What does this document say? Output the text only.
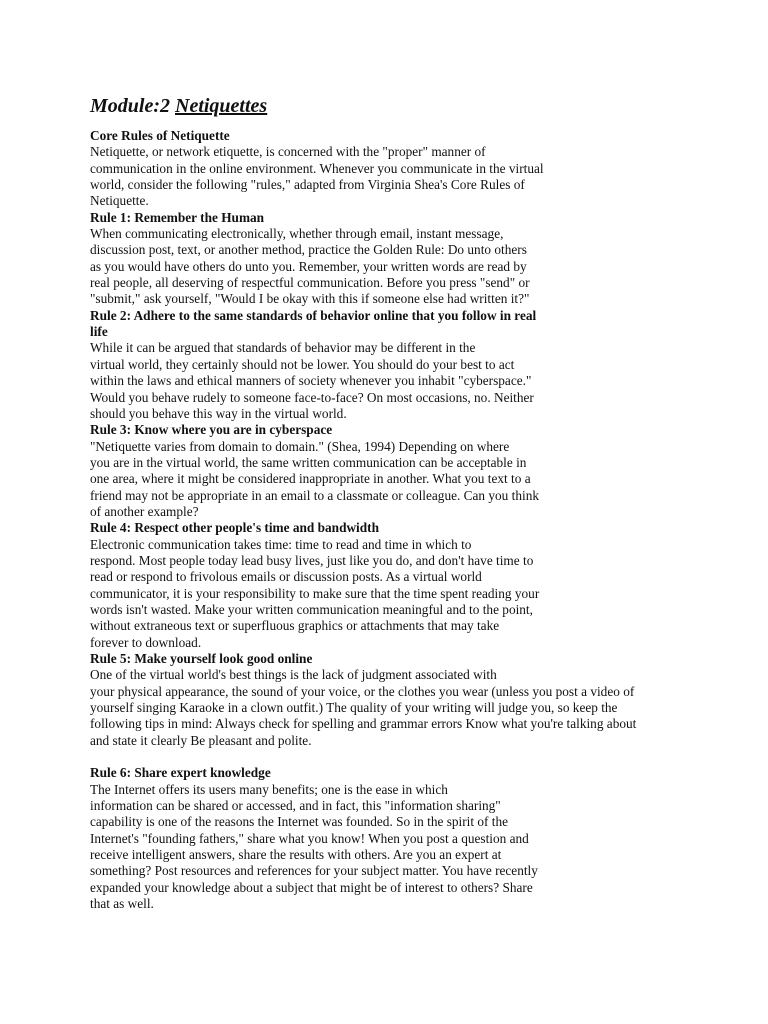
Module:2 Netiquettes
Core Rules of Netiquette
Netiquette, or network etiquette, is concerned with the "proper" manner of
communication in the online environment. Whenever you communicate in the virtual
world, consider the following "rules," adapted from Virginia Shea's Core Rules of
Netiquette.
Rule 1: Remember the Human
When communicating electronically, whether through email, instant message,
discussion post, text, or another method, practice the Golden Rule: Do unto others
as you would have others do unto you. Remember, your written words are read by
real people, all deserving of respectful communication. Before you press "send" or
"submit," ask yourself, "Would I be okay with this if someone else had written it?"
Rule 2: Adhere to the same standards of behavior online that you follow in real
life
While it can be argued that standards of behavior may be different in the
virtual world, they certainly should not be lower. You should do your best to act
within the laws and ethical manners of society whenever you inhabit "cyberspace."
Would you behave rudely to someone face-to-face? On most occasions, no. Neither
should you behave this way in the virtual world.
Rule 3: Know where you are in cyberspace
"Netiquette varies from domain to domain." (Shea, 1994) Depending on where
you are in the virtual world, the same written communication can be acceptable in
one area, where it might be considered inappropriate in another. What you text to a
friend may not be appropriate in an email to a classmate or colleague. Can you think
of another example?
Rule 4: Respect other people's time and bandwidth
Electronic communication takes time: time to read and time in which to
respond. Most people today lead busy lives, just like you do, and don't have time to
read or respond to frivolous emails or discussion posts. As a virtual world
communicator, it is your responsibility to make sure that the time spent reading your
words isn't wasted. Make your written communication meaningful and to the point,
without extraneous text or superfluous graphics or attachments that may take
forever to download.
Rule 5: Make yourself look good online
One of the virtual world's best things is the lack of judgment associated with
your physical appearance, the sound of your voice, or the clothes you wear (unless you post a video of
yourself singing Karaoke in a clown outfit.) The quality of your writing will judge you, so keep the
following tips in mind: Always check for spelling and grammar errors Know what you're talking about
and state it clearly Be pleasant and polite.
Rule 6: Share expert knowledge
The Internet offers its users many benefits; one is the ease in which
information can be shared or accessed, and in fact, this "information sharing"
capability is one of the reasons the Internet was founded. So in the spirit of the
Internet's "founding fathers," share what you know! When you post a question and
receive intelligent answers, share the results with others. Are you an expert at
something? Post resources and references for your subject matter. You have recently
expanded your knowledge about a subject that might be of interest to others? Share
that as well.
